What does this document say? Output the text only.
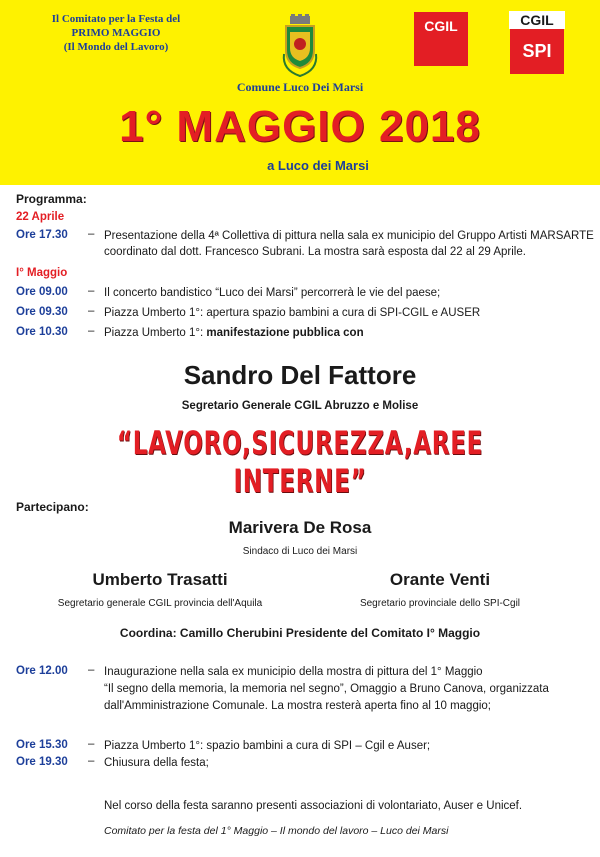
Il Comitato per la Festa del
PRIMO MAGGIO
(Il Mondo del Lavoro)
Comune Luco Dei Marsi
CGIL	CGIL
SPI
1° MAGGIO 2018
a Luco dei Marsi
Programma:
22 Aprile
Ore 17.30 – Presentazione della 4ª Collettiva di pittura nella sala ex municipio del Gruppo Artisti MARSARTE
coordinato dal dott. Francesco Subrani. La mostra sarà esposta dal 22 al 29 Aprile.
I° Maggio
Ore 09.00 – Il concerto bandistico “Luco dei Marsi” percorrerà le vie del paese;
Ore 09.30 – Piazza Umberto 1°: apertura spazio bambini a cura di SPI-CGIL e AUSER
Ore 10.30 – Piazza Umberto 1°: manifestazione pubblica con
Sandro Del Fattore
Segretario Generale CGIL Abruzzo e Molise
“LAVORO,SICUREZZA,AREE INTERNE”
Partecipano:
Marivera De Rosa
Sindaco di Luco dei Marsi
Umberto Trasatti
Segretario generale CGIL provincia dell'Aquila
Orante Venti
Segretario provinciale dello SPI-Cgil
Coordina: Camillo Cherubini Presidente del Comitato I° Maggio
Ore 12.00 – Inaugurazione nella sala ex municipio della mostra di pittura del 1° Maggio
“Il segno della memoria, la memoria nel segno”, Omaggio a Bruno Canova, organizzata
dall'Amministrazione Comunale. La mostra resterà aperta fino al 10 maggio;
Ore 15.30 – Piazza Umberto 1°: spazio bambini a cura di SPI – Cgil e Auser;
Ore 19.30 – Chiusura della festa;
Nel corso della festa saranno presenti associazioni di volontariato, Auser e Unicef.
Comitato per la festa del 1° Maggio – Il mondo del lavoro – Luco dei Marsi
